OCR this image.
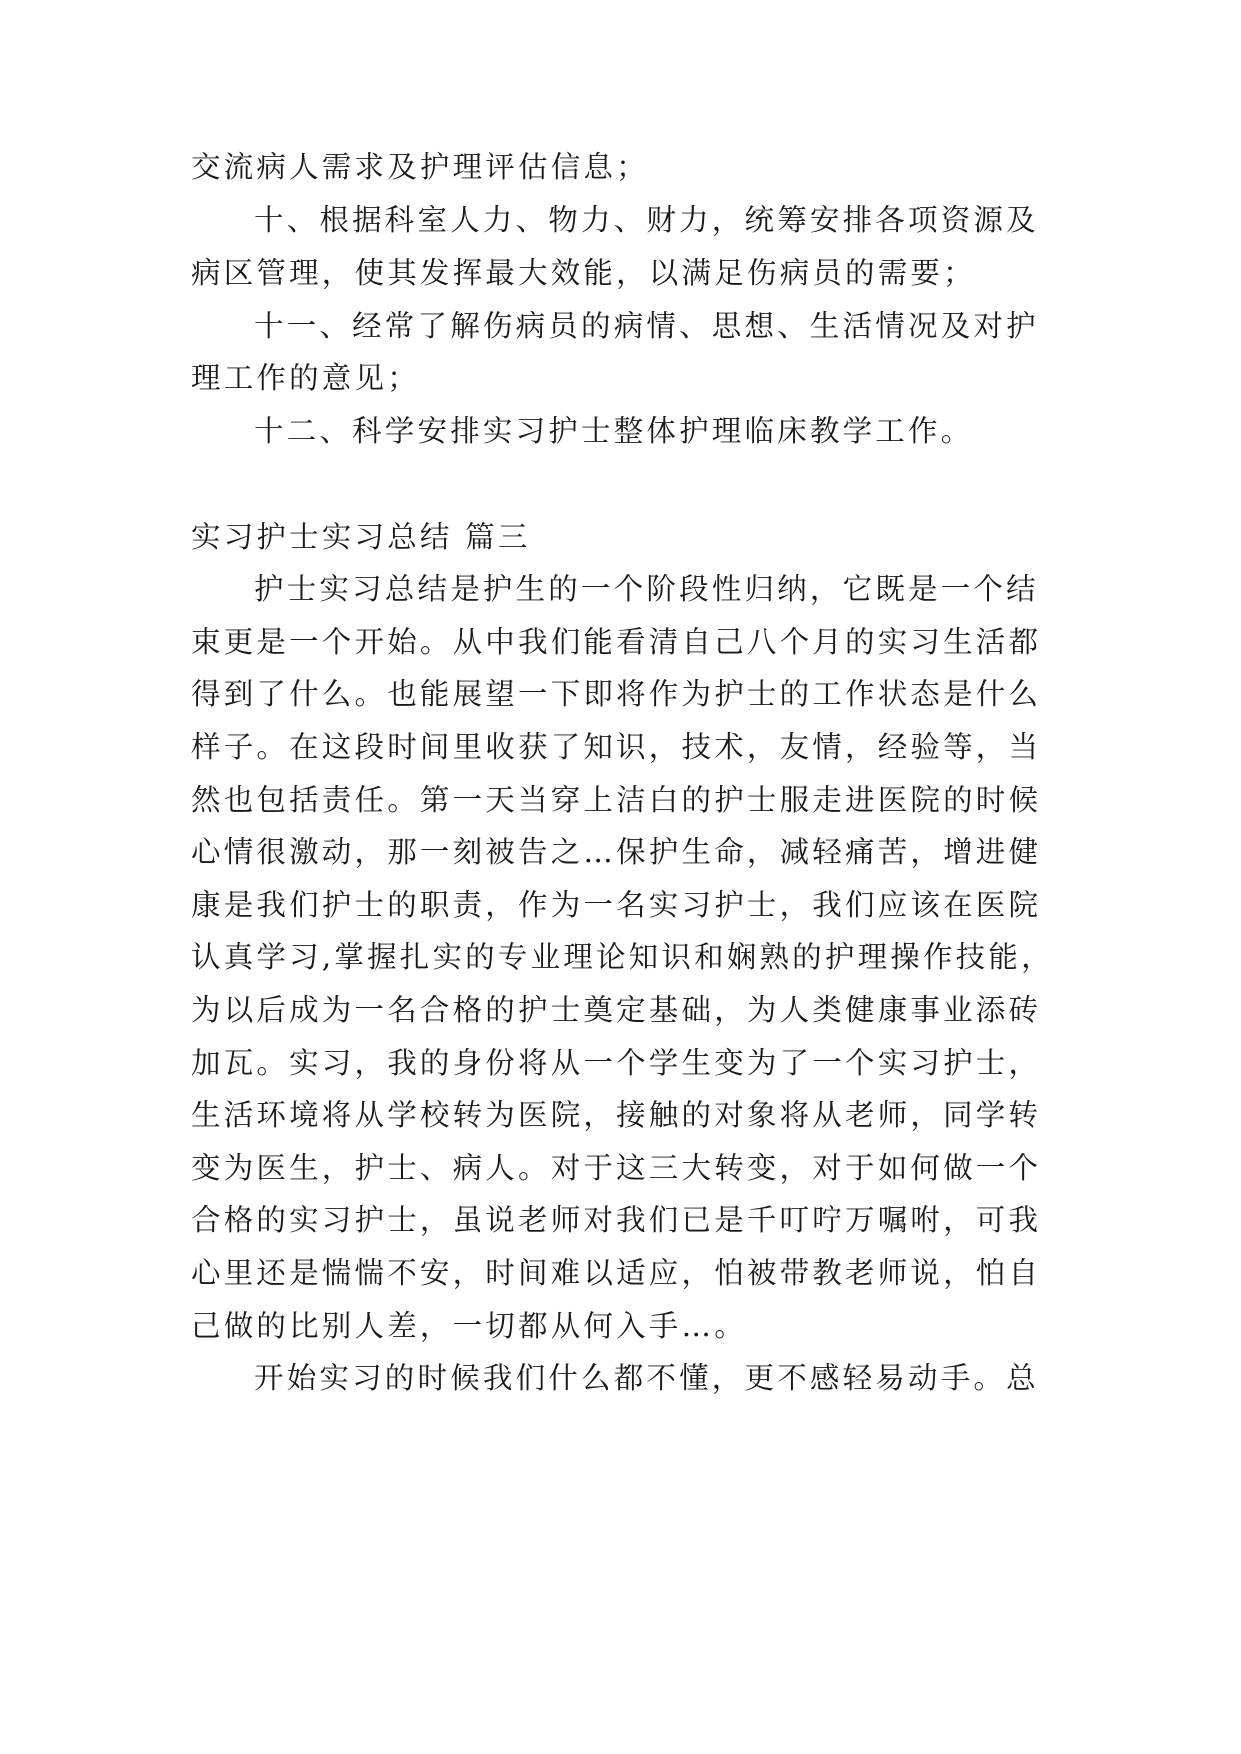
交流病人需求及护理评估信息；
十、根据科室人力、物力、财力，统筹安排各项资源及
病区管理，使其发挥最大效能，以满足伤病员的需要；
十一、经常了解伤病员的病情、思想、生活情况及对护
理工作的意见；
十二、科学安排实习护士整体护理临床教学工作。
实习护士实习总结 篇三
护士实习总结是护生的一个阶段性归纳，它既是一个结
束更是一个开始。从中我们能看清自己八个月的实习生活都
得到了什么。也能展望一下即将作为护士的工作状态是什么
样子。在这段时间里收获了知识，技术，友情，经验等，当
然也包括责任。第一天当穿上洁白的护士服走进医院的时候
心情很激动，那一刻被告之…保护生命，减轻痛苦，增进健
康是我们护士的职责，作为一名实习护士，我们应该在医院
认真学习,掌握扎实的专业理论知识和娴熟的护理操作技能，
为以后成为一名合格的护士奠定基础，为人类健康事业添砖
加瓦。实习，我的身份将从一个学生变为了一个实习护士，
生活环境将从学校转为医院，接触的对象将从老师，同学转
变为医生，护士、病人。对于这三大转变，对于如何做一个
合格的实习护士，虽说老师对我们已是千叮咛万嘱咐，可我
心里还是惴惴不安，时间难以适应，怕被带教老师说，怕自
己做的比别人差，一切都从何入手…。
开始实习的时候我们什么都不懂，更不感轻易动手。总
